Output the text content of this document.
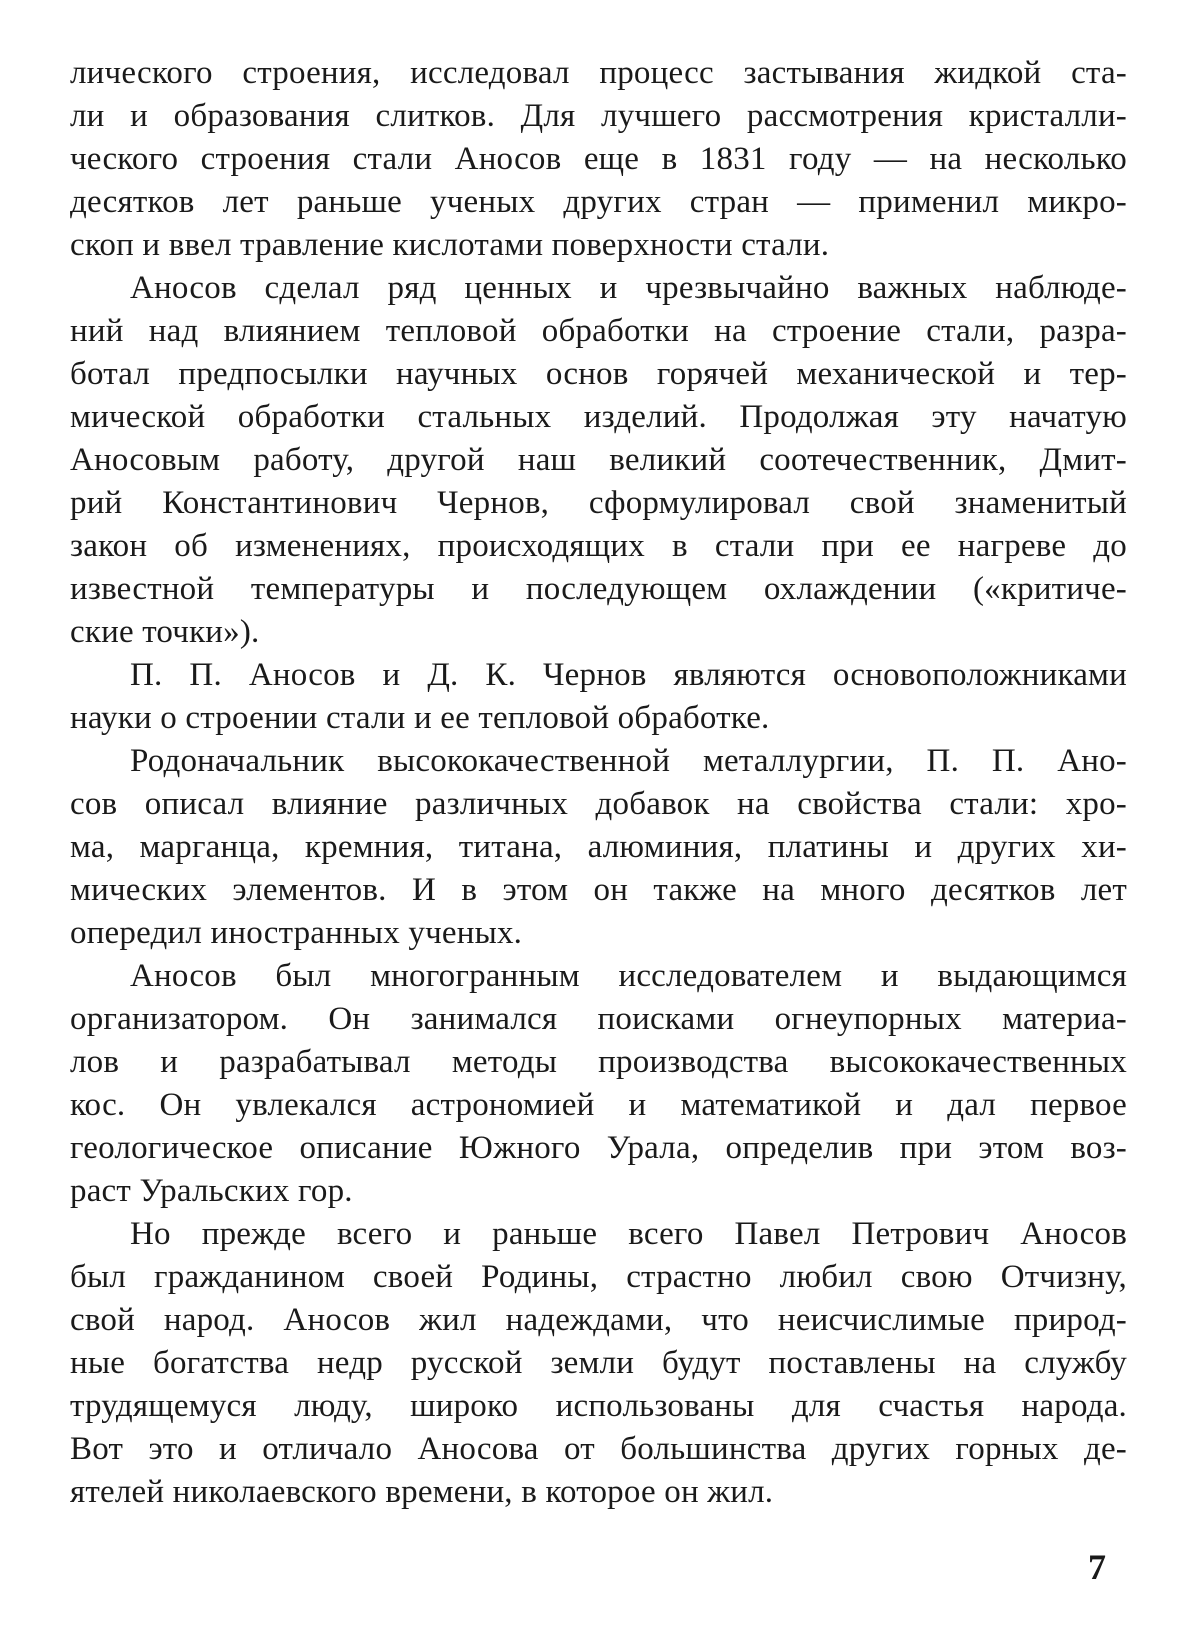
лического строения, исследовал процесс застывания жидкой ста-
ли и образования слитков. Для лучшего рассмотрения кристалли-
ческого строения стали Аносов еще в 1831 году — на несколько
десятков лет раньше ученых других стран — применил микро-
скоп и ввел травление кислотами поверхности стали.
Аносов сделал ряд ценных и чрезвычайно важных наблюде-
ний над влиянием тепловой обработки на строение стали, разра-
ботал предпосылки научных основ горячей механической и тер-
мической обработки стальных изделий. Продолжая эту начатую
Аносовым работу, другой наш великий соотечественник, Дмит-
рий Константинович Чернов, сформулировал свой знаменитый
закон об изменениях, происходящих в стали при ее нагреве до
известной температуры и последующем охлаждении («критиче-
ские точки»).
П. П. Аносов и Д. К. Чернов являются основоположниками
науки о строении стали и ее тепловой обработке.
Родоначальник высококачественной металлургии, П. П. Ано-
сов описал влияние различных добавок на свойства стали: хро-
ма, марганца, кремния, титана, алюминия, платины и других хи-
мических элементов. И в этом он также на много десятков лет
опередил иностранных ученых.
Аносов был многогранным исследователем и выдающимся
организатором. Он занимался поисками огнеупорных материа-
лов и разрабатывал методы производства высококачественных
кос. Он увлекался астрономией и математикой и дал первое
геологическое описание Южного Урала, определив при этом воз-
раст Уральских гор.
Но прежде всего и раньше всего Павел Петрович Аносов
был гражданином своей Родины, страстно любил свою Отчизну,
свой народ. Аносов жил надеждами, что неисчислимые природ-
ные богатства недр русской земли будут поставлены на службу
трудящемуся люду, широко использованы для счастья народа.
Вот это и отличало Аносова от большинства других горных де-
ятелей николаевского времени, в которое он жил.
7
